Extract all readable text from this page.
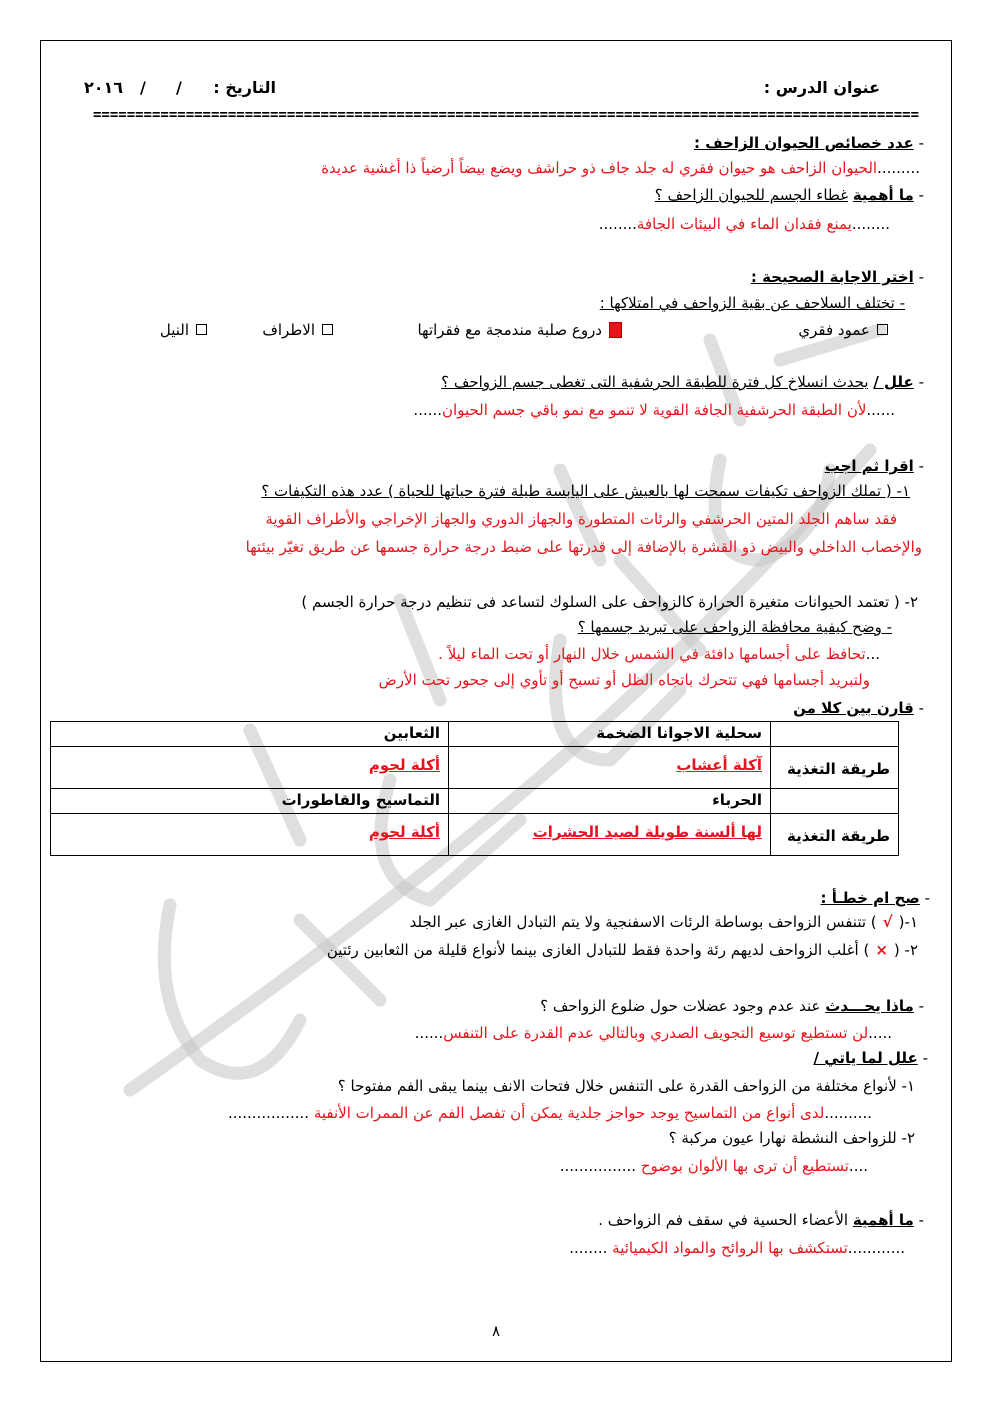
عنوان الدرس :
التاريخ :
/
/
٢٠١٦
==================================================================================================
- عدد خصائص الحيوان الزاحف :
.........الحيوان الزاحف هو حيوان فقري له جلد جاف ذو حراشف ويضع بيضاً أرضياً ذا أغشية عديدة
- ما أهمية غطاء الجسم للحيوان الزاحف ؟
........يمنع فقدان الماء في البيئات الجافة........
- اختر الاجابة الصحيحة :
- تختلف السلاحف عن بقية الزواحف في امتلاكها :
عمود فقري
دروع صلبة مندمجة مع فقراتها
الاطراف
النيل
- علل / يحدث انسلاخ كل فترة للطبقة الحرشفية التى تغطى جسم الزواحف ؟
......لأن الطبقة الحرشفية الجافة القوية لا تنمو مع نمو باقي جسم الحيوان......
- اقرا ثم اجب
١- ( تملك الزواحف تكيفات سمحت لها بالعيش على اليابسة طيلة فترة حياتها للحياة ) عدد هذه التكيفات ؟
فقد ساهم الجلد المتين الحرشفي والرئات المتطورة والجهاز الدوري والجهاز الإخراجي والأطراف القوية
والإخصاب الداخلي والبيض ذو القشرة بالإضافة إلى قدرتها على ضبط درجة حرارة جسمها عن طريق تغيّر بيئتها
٢- ( تعتمد الحيوانات متغيرة الحرارة كالزواحف على السلوك لتساعد فى تنظيم درجة حرارة الجسم )
- وضح كيفية محافظة الزواحف على تبريد جسمها ؟
...تحافظ على أجسامها دافئة في الشمس خلال النهار أو تحت الماء ليلاً .
ولتبريد أجسامها فهي تتحرك باتجاه الظل أو تسبح أو تأوي إلى جحور تحت الأرض
- قارن بين كلا من

	سحلية الاجوانا الضخمة	الثعابين

طريقة التغذية	آكلة أعشاب	أكلة لحوم

	الحرباء	التماسيح والقاطورات

طريقة التغذية	لها ألسنة طويلة لصيد الحشرات	أكلة لحوم
- صح ام خطـأ :
١-(√) تتنفس الزواحف بوساطة الرئات الاسفنجية ولا يتم التبادل الغازى عبر الجلد
٢- (×) أغلب الزواحف لديهم رئة واحدة فقط للتبادل الغازى بينما لأنواع قليلة من الثعابين رئتين
- ماذا يحـــدث عند عدم وجود عضلات حول ضلوع الزواحف ؟
.....لن تستطيع توسيع التجويف الصدري وبالتالي عدم القدرة على التنفس......
- علل لما ياتي /
١- لأنواع مختلفة من الزواحف القدرة على التنفس خلال فتحات الانف بينما يبقى الفم مفتوحا ؟
..........لدى أنواع من التماسيح يوجد حواجز جلدية يمكن أن تفصل الفم عن الممرات الأنفية .................
٢- للزواحف النشطة نهارا عيون مركبة ؟
....تستطيع أن ترى بها الألوان بوضوح ................
- ما أهمية الأعضاء الحسية في سقف فم الزواحف .
............تستكشف بها الروائح والمواد الكيميائية ........
٨
